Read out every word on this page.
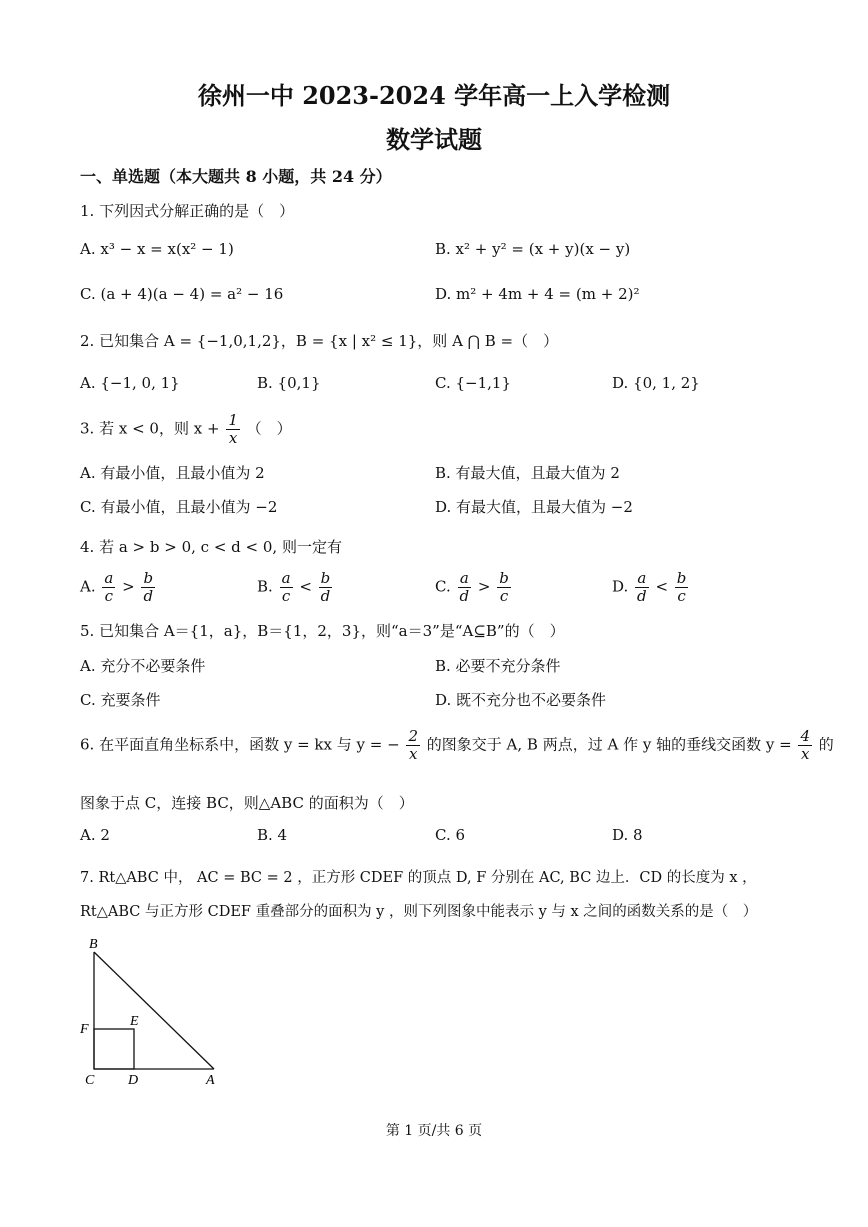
徐州一中 2023-2024 学年高一上入学检测
数学试题
一、单选题（本大题共 8 小题，共 24 分）
1. 下列因式分解正确的是（　）
A. x³ − x = x(x² − 1)	B. x² + y² = (x + y)(x − y)
C. (a + 4)(a − 4) = a² − 16	D. m² + 4m + 4 = (m + 2)²
2. 已知集合 A = {−1,0,1,2}，B = {x | x² ≤ 1}，则 A ⋂ B =（　）
A. {−1, 0, 1}	B. {0,1}	C. {−1,1}	D. {0, 1, 2}
3. 若 x < 0，则 $x + \frac{1}{x}$ （　）
A. 有最小值，且最小值为 2	B. 有最大值，且最大值为 2
C. 有最小值，且最小值为 −2	D. 有最大值，且最大值为 −2
4. 若 a > b > 0, c < d < 0, 则一定有
A. $\frac{a}{c} > \frac{b}{d}$	B. $\frac{a}{c} < \frac{b}{d}$	C. $\frac{a}{d} > \frac{b}{c}$	D. $\frac{a}{d} < \frac{b}{c}$
5. 已知集合 A＝{1，a}，B＝{1，2，3}，则“a＝3”是“A⊆B”的（　）
A. 充分不必要条件	B. 必要不充分条件
C. 充要条件	D. 既不充分也不必要条件
6. 在平面直角坐标系中，函数 y = kx 与 y = − $\frac{2}{x}$ 的图象交于 A, B 两点，过 A 作 y 轴的垂线交函数 $y = \frac{4}{x}$ 的
图象于点 C，连接 BC，则△ABC 的面积为（　）
A. 2	B. 4	C. 6	D. 8
7. Rt△ABC 中， AC = BC = 2 ，正方形 CDEF 的顶点 D, F 分别在 AC, BC 边上．CD 的长度为 x ，
Rt△ABC 与正方形 CDEF 重叠部分的面积为 y ，则下列图象中能表示 y 与 x 之间的函数关系的是（　）
B
F
E
C D	A
第 1 页/共 6 页
